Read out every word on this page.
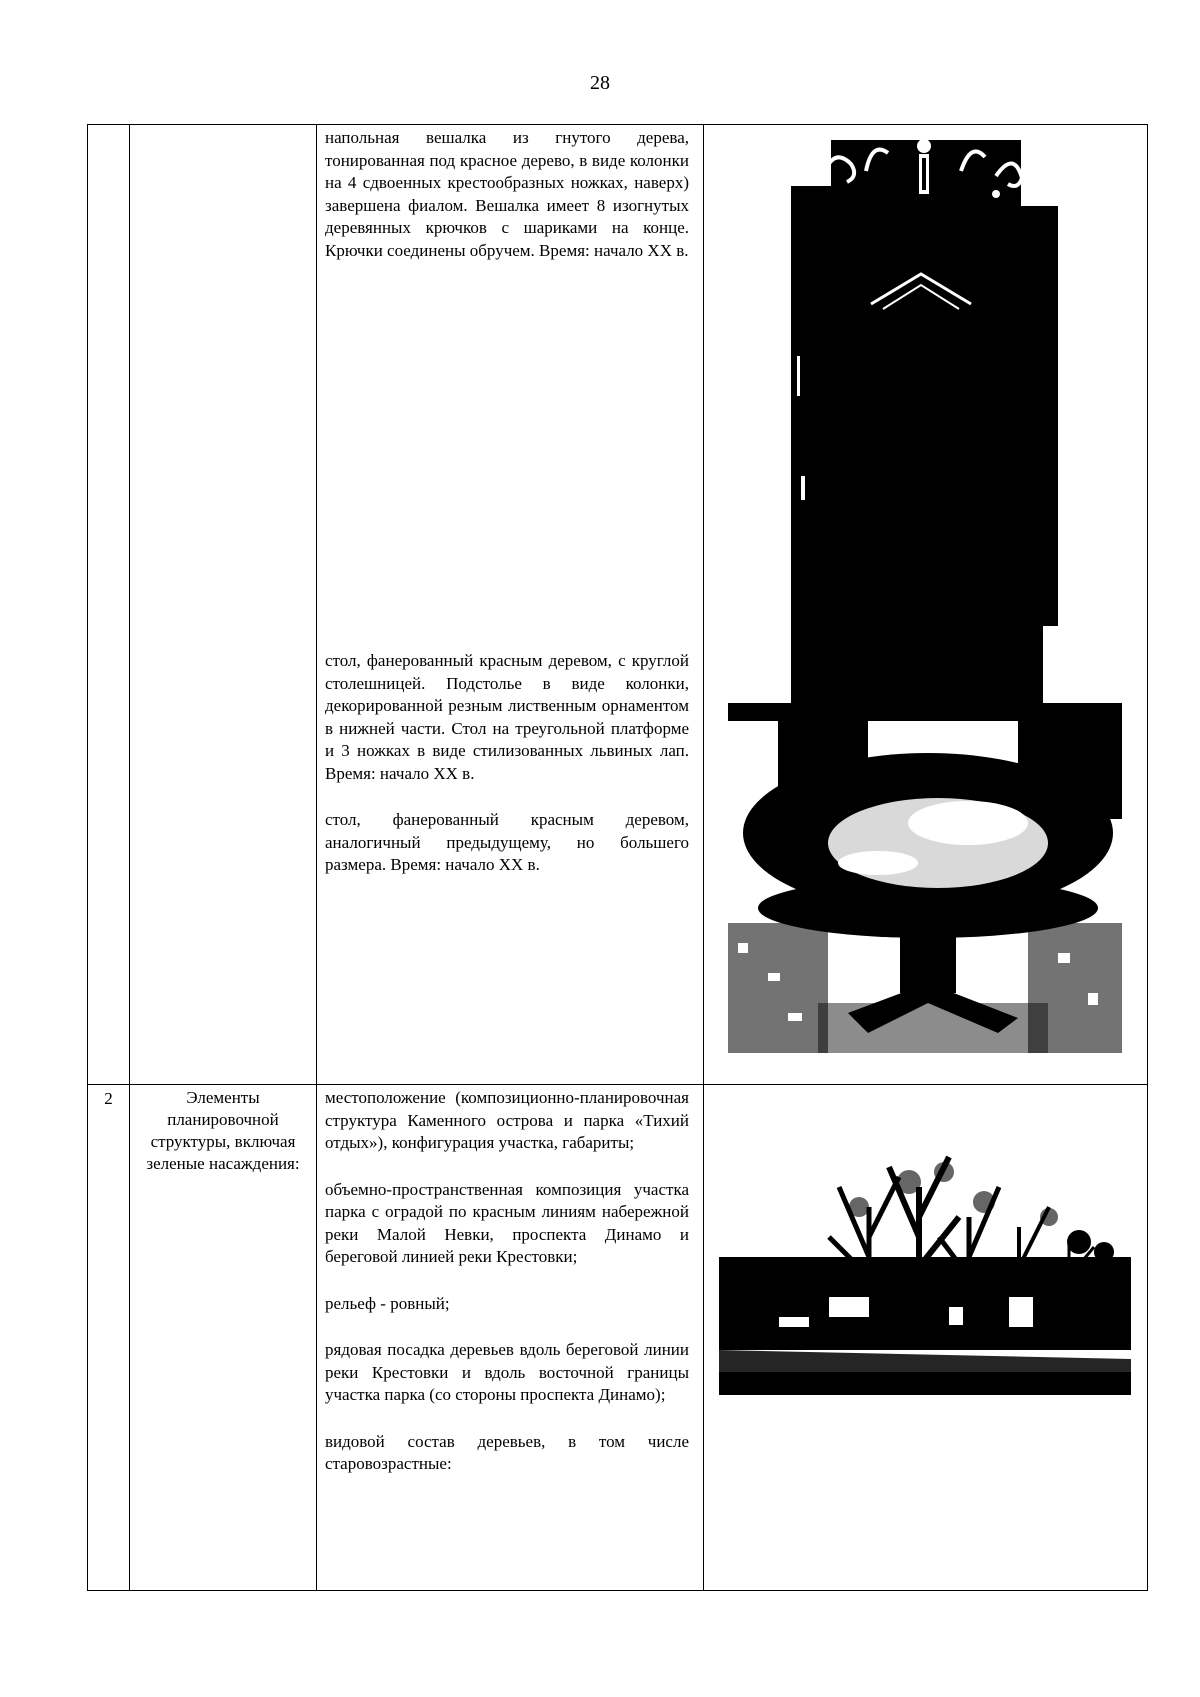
28

		напольная вешалка из гнутого дерева, тонированная под красное дерево, в виде колонки на 4 сдвоенных крестообразных ножках, наверх) завершена фиалом. Вешалка имеет 8 изогнутых деревянных крючков с шариками на конце. Крючки соединены обручем. Время: начало XX в.

стол, фанерованный красным деревом, с круглой столешницей. Подстолье в виде колонки, декорированной резным лиственным орнаментом в нижней части. Стол на треугольной платформе и 3 ножках в виде стилизованных львиных лап. Время: начало XX в.

стол, фанерованный красным деревом, аналогичный предыдущему, но большего размера. Время: начало XX в.

2	Элементы планировочной структуры, включая зеленые насаждения:	местоположение (композиционно-планировочная структура Каменного острова и парка «Тихий отдых»), конфигурация участка, габариты;

объемно-пространственная композиция участка парка с оградой по красным линиям набережной реки Малой Невки, проспекта Динамо и береговой линией реки Крестовки;

рельеф - ровный;

рядовая посадка деревьев вдоль береговой линии реки Крестовки и вдоль восточной границы участка парка (со стороны проспекта Динамо);

видовой состав деревьев, в том числе старовозрастные:
